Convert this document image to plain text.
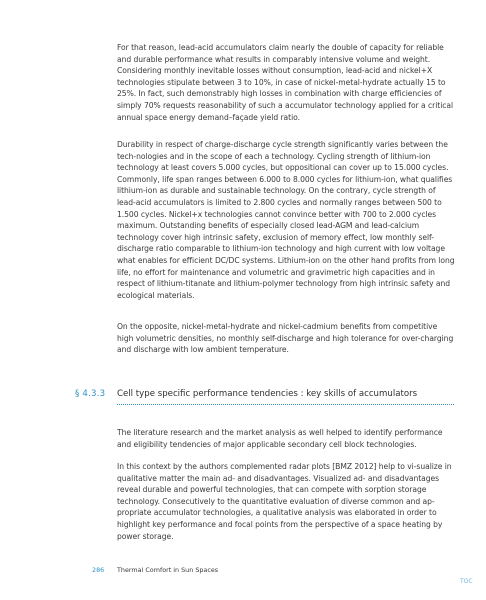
For that reason, lead-acid accumulators claim nearly the double of capacity for reliable and durable performance what results in comparably intensive volume and weight. Considering monthly inevitable losses without consumption, lead-acid and nickel+X technologies stipulate between 3 to 10%, in case of nickel-metal-hydrate actually 15 to 25%. In fact, such demonstrably high losses in combination with charge efficiencies of simply 70% requests reasonability of such a accumulator technology applied for a critical annual space energy demand–façade yield ratio.

Durability in respect of charge-discharge cycle strength significantly varies between the tech-nologies and in the scope of each a technology. Cycling strength of lithium-ion technology at least covers 5.000 cycles, but oppositional can cover up to 15.000 cycles. Commonly, life span ranges between 6.000 to 8.000 cycles for lithium-ion, what qualifies lithium-ion as durable and sustainable technology. On the contrary, cycle strength of lead-acid accumulators is limited to 2.800 cycles and normally ranges between 500 to 1.500 cycles. Nickel+x technologies cannot convince better with 700 to 2.000 cycles maximum. Outstanding benefits of especially closed lead-AGM and lead-calcium technology cover high intrinsic safety, exclusion of memory effect, low monthly self-discharge ratio comparable to lithium-ion technology and high current with low voltage what enables for efficient DC/DC systems. Lithium-ion on the other hand profits from long life, no effort for maintenance and volumetric and gravimetric high capacities and in respect of lithium-titanate and lithium-polymer technology from high intrinsic safety and ecological materials.

On the opposite, nickel-metal-hydrate and nickel-cadmium benefits from competitive high volumetric densities, no monthly self-discharge and high tolerance for over-charging and discharge with low ambient temperature.

§ 4.3.3 Cell type specific performance tendencies : key skills of accumulators

The literature research and the market analysis as well helped to identify performance and eligibility tendencies of major applicable secondary cell block technologies.

In this context by the authors complemented radar plots [BMZ 2012] help to vi-sualize in qualitative matter the main ad- and disadvantages. Visualized ad- and disadvantages reveal durable and powerful technologies, that can compete with sorption storage technology. Consecutively to the quantitative evaluation of diverse common and ap-propriate accumulator technologies, a qualitative analysis was elaborated in order to highlight key performance and focal points from the perspective of a space heating by power storage.

286 Thermal Comfort in Sun Spaces
TOC
